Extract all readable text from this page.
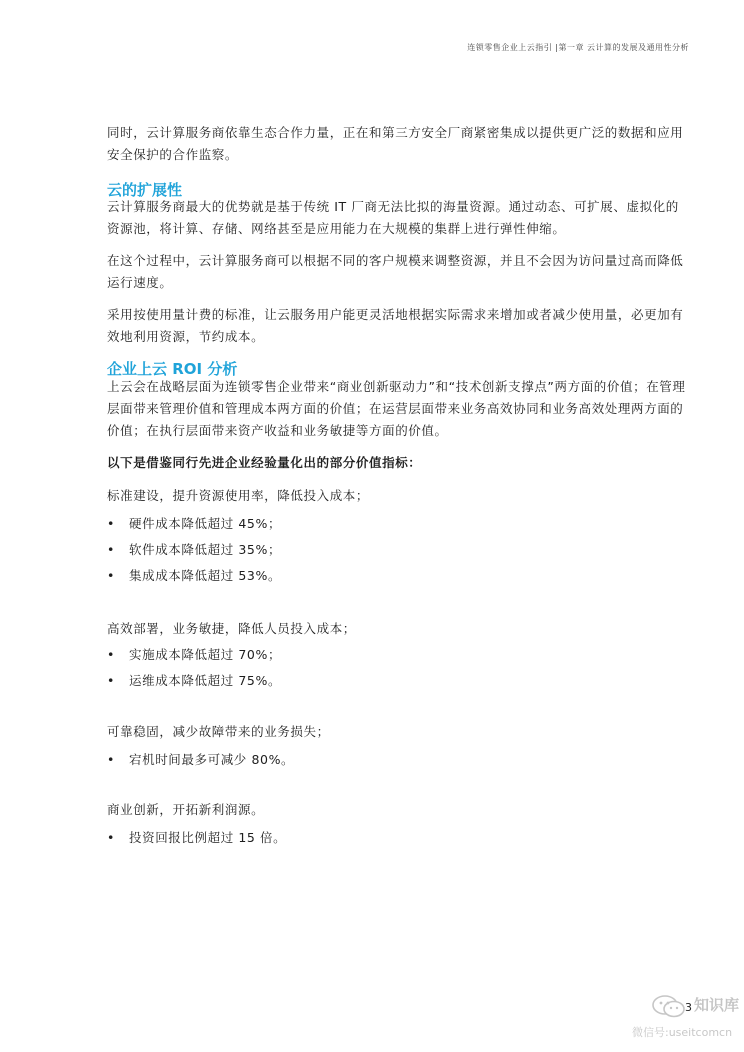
连锁零售企业上云指引 |第一章 云计算的发展及通用性分析

同时，云计算服务商依靠生态合作力量，正在和第三方安全厂商紧密集成以提供更广泛的数据和应用安全保护的合作监察。

云的扩展性

云计算服务商最大的优势就是基于传统 IT 厂商无法比拟的海量资源。通过动态、可扩展、虚拟化的资源池，将计算、存储、网络甚至是应用能力在大规模的集群上进行弹性伸缩。

在这个过程中，云计算服务商可以根据不同的客户规模来调整资源，并且不会因为访问量过高而降低运行速度。

采用按使用量计费的标准，让云服务用户能更灵活地根据实际需求来增加或者减少使用量，必更加有效地利用资源，节约成本。

企业上云 ROI 分析

上云会在战略层面为连锁零售企业带来“商业创新驱动力”和“技术创新支撑点”两方面的价值；在管理层面带来管理价值和管理成本两方面的价值；在运营层面带来业务高效协同和业务高效处理两方面的价值；在执行层面带来资产收益和业务敏捷等方面的价值。

以下是借鉴同行先进企业经验量化出的部分价值指标：

标准建设，提升资源使用率，降低投入成本；

• 硬件成本降低超过 45%；
• 软件成本降低超过 35%；
• 集成成本降低超过 53%。

高效部署，业务敏捷，降低人员投入成本；

• 实施成本降低超过 70%；
• 运维成本降低超过 75%。

可靠稳固，减少故障带来的业务损失；

• 宕机时间最多可减少 80%。

商业创新，开拓新利润源。

• 投资回报比例超过 15 倍。
3 知识库
微信号:useitcomcn
